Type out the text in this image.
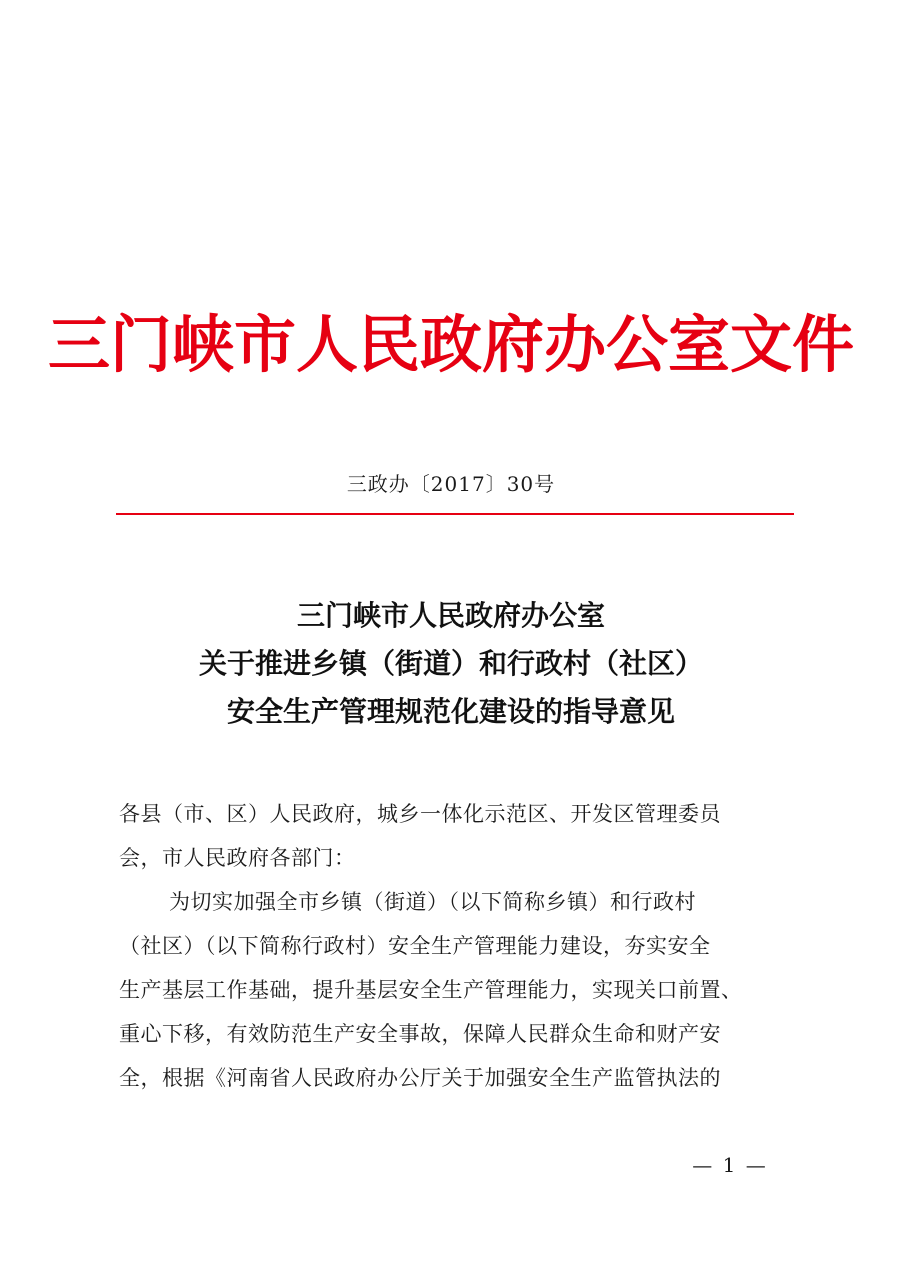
三门峡市人民政府办公室文件
三政办〔2017〕30号
三门峡市人民政府办公室
关于推进乡镇（街道）和行政村（社区）
安全生产管理规范化建设的指导意见
各县（市、区）人民政府，城乡一体化示范区、开发区管理委员
会，市人民政府各部门：
为切实加强全市乡镇（街道）（以下简称乡镇）和行政村
（社区）（以下简称行政村）安全生产管理能力建设，夯实安全
生产基层工作基础，提升基层安全生产管理能力，实现关口前置、
重心下移，有效防范生产安全事故，保障人民群众生命和财产安
全，根据《河南省人民政府办公厅关于加强安全生产监管执法的
— 1 —
